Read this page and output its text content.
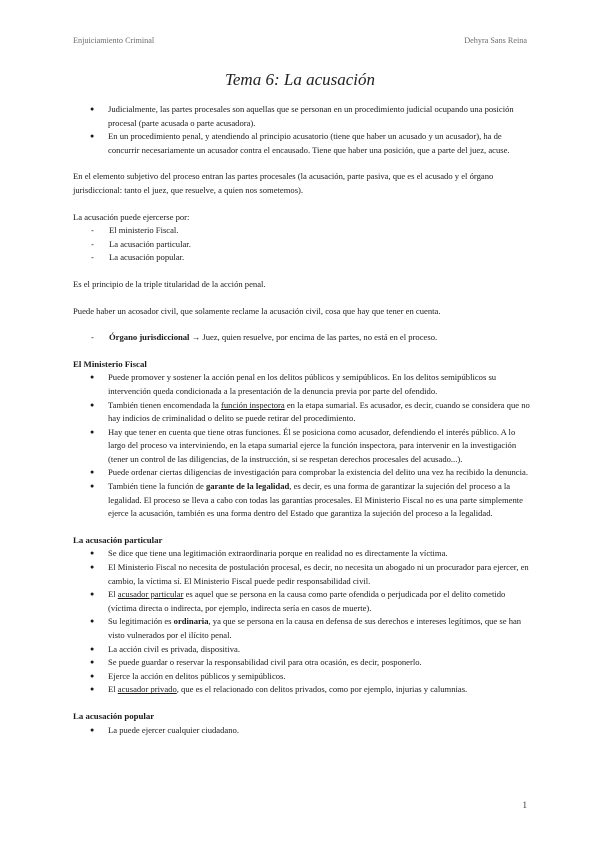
Enjuiciamiento Criminal	Dehyra Sans Reina
Tema 6: La acusación
● Judicialmente, las partes procesales son aquellas que se personan en un procedimiento judicial ocupando una posición procesal (parte acusada o parte acusadora).
● En un procedimiento penal, y atendiendo al principio acusatorio (tiene que haber un acusado y un acusador), ha de concurrir necesariamente un acusador contra el encausado. Tiene que haber una posición, que a parte del juez, acuse.

En el elemento subjetivo del proceso entran las partes procesales (la acusación, parte pasiva, que es el acusado y el órgano jurisdiccional: tanto el juez, que resuelve, a quien nos sometemos).

La acusación puede ejercerse por:

- El ministerio Fiscal.
- La acusación particular.
- La acusación popular.

Es el principio de la triple titularidad de la acción penal.

Puede haber un acosador civil, que solamente reclame la acusación civil, cosa que hay que tener en cuenta.

- Órgano jurisdiccional → Juez, quien resuelve, por encima de las partes, no está en el proceso.
El Ministerio Fiscal
● Puede promover y sostener la acción penal en los delitos públicos y semipúblicos. En los delitos semipúblicos su intervención queda condicionada a la presentación de la denuncia previa por parte del ofendido.
● También tienen encomendada la función inspectora en la etapa sumarial. Es acusador, es decir, cuando se considera que no hay indicios de criminalidad o delito se puede retirar del procedimiento.
● Hay que tener en cuenta que tiene otras funciones. Él se posiciona como acusador, defendiendo el interés público. A lo largo del proceso va interviniendo, en la etapa sumarial ejerce la función inspectora, para intervenir en la investigación (tener un control de las diligencias, de la instrucción, si se respetan derechos procesales del acusado...).
● Puede ordenar ciertas diligencias de investigación para comprobar la existencia del delito una vez ha recibido la denuncia.
● También tiene la función de garante de la legalidad, es decir, es una forma de garantizar la sujeción del proceso a la legalidad. El proceso se lleva a cabo con todas las garantías procesales. El Ministerio Fiscal no es una parte simplemente ejerce la acusación, también es una forma dentro del Estado que garantiza la sujeción del proceso a la legalidad.
La acusación particular
● Se dice que tiene una legitimación extraordinaria porque en realidad no es directamente la víctima.
● El Ministerio Fiscal no necesita de postulación procesal, es decir, no necesita un abogado ni un procurador para ejercer, en cambio, la víctima sí. El Ministerio Fiscal puede pedir responsabilidad civil.
● El acusador particular es aquel que se persona en la causa como parte ofendida o perjudicada por el delito cometido (víctima directa o indirecta, por ejemplo, indirecta sería en casos de muerte).
● Su legitimación es ordinaria, ya que se persona en la causa en defensa de sus derechos e intereses legítimos, que se han visto vulnerados por el ilícito penal.
● La acción civil es privada, dispositiva.
● Se puede guardar o reservar la responsabilidad civil para otra ocasión, es decir, posponerlo.
● Ejerce la acción en delitos públicos y semipúblicos.
● El acusador privado, que es el relacionado con delitos privados, como por ejemplo, injurias y calumnias.
La acusación popular
● La puede ejercer cualquier ciudadano.
1
